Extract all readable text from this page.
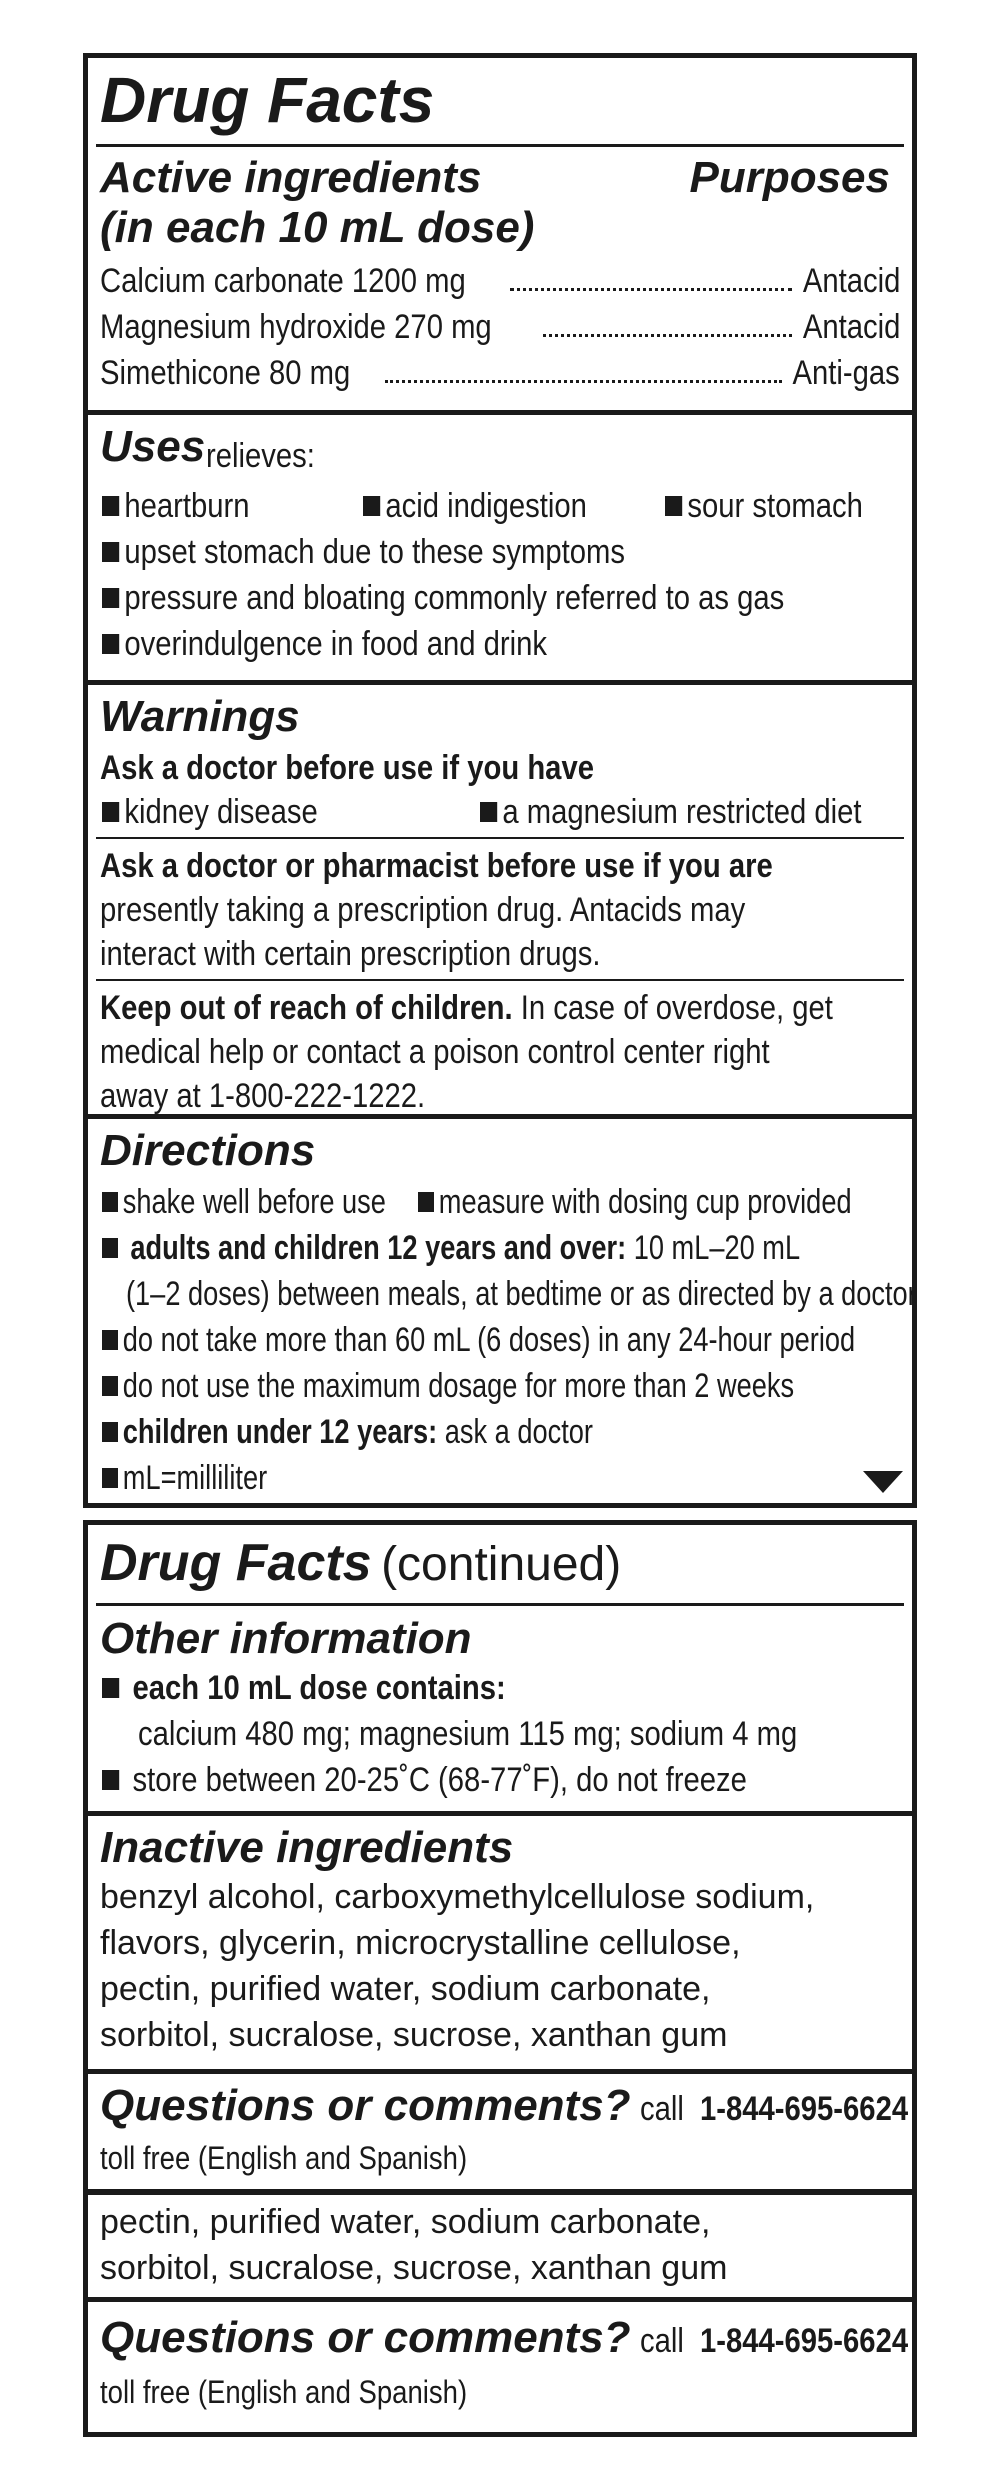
Drug Facts
Active ingredients
(in each 10 mL dose)
Purposes
Calcium carbonate 1200 mg	Antacid
Magnesium hydroxide 270 mg	Antacid
Simethicone 80 mg	Anti-gas
Uses relieves:
heartburn	acid indigestion	sour stomach
upset stomach due to these symptoms
pressure and bloating commonly referred to as gas
overindulgence in food and drink
Warnings
Ask a doctor before use if you have
kidney disease	a magnesium restricted diet
Ask a doctor or pharmacist before use if you are
presently taking a prescription drug. Antacids may
interact with certain prescription drugs.
Keep out of reach of children. In case of overdose, get
medical help or contact a poison control center right
away at 1-800-222-1222.
Directions
shake well before use	measure with dosing cup provided
adults and children 12 years and over: 10 mL–20 mL
(1–2 doses) between meals, at bedtime or as directed by a doctor
do not take more than 60 mL (6 doses) in any 24-hour period
do not use the maximum dosage for more than 2 weeks
children under 12 years: ask a doctor
mL=milliliter
Drug Facts (continued)
Other information
each 10 mL dose contains:
calcium 480 mg; magnesium 115 mg; sodium 4 mg
store between 20-25˚C (68-77˚F), do not freeze
Inactive ingredients
benzyl alcohol, carboxymethylcellulose sodium,
flavors, glycerin, microcrystalline cellulose,
pectin, purified water, sodium carbonate,
sorbitol, sucralose, sucrose, xanthan gum
Questions or comments? call 1-844-695-6624
toll free (English and Spanish)
pectin, purified water, sodium carbonate,
sorbitol, sucralose, sucrose, xanthan gum
Questions or comments? call 1-844-695-6624
toll free (English and Spanish)
